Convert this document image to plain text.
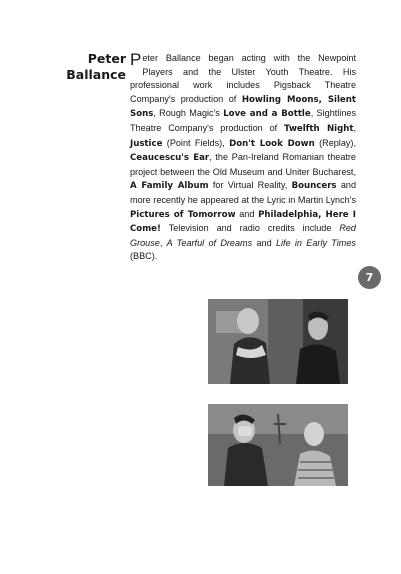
Peter
Ballance
Peter Ballance began acting with the Newpoint Players and the Ulster Youth Theatre. His professional work includes Pigsback Theatre Company's production of Howling Moons, Silent Sons, Rough Magic's Love and a Bottle, Sightlines Theatre Company's production of Twelfth Night, Justice (Point Fields), Don't Look Down (Replay), Ceaucescu's Ear, the Pan-Ireland Romanian theatre project between the Old Museum and Uniter Bucharest, A Family Album for Virtual Reality, Bouncers and more recently he appeared at the Lyric in Martin Lynch's Pictures of Tomorrow and Philadelphia, Here I Come! Television and radio credits include Red Grouse, A Tearful of Dreams and Life in Early Times (BBC).
7
